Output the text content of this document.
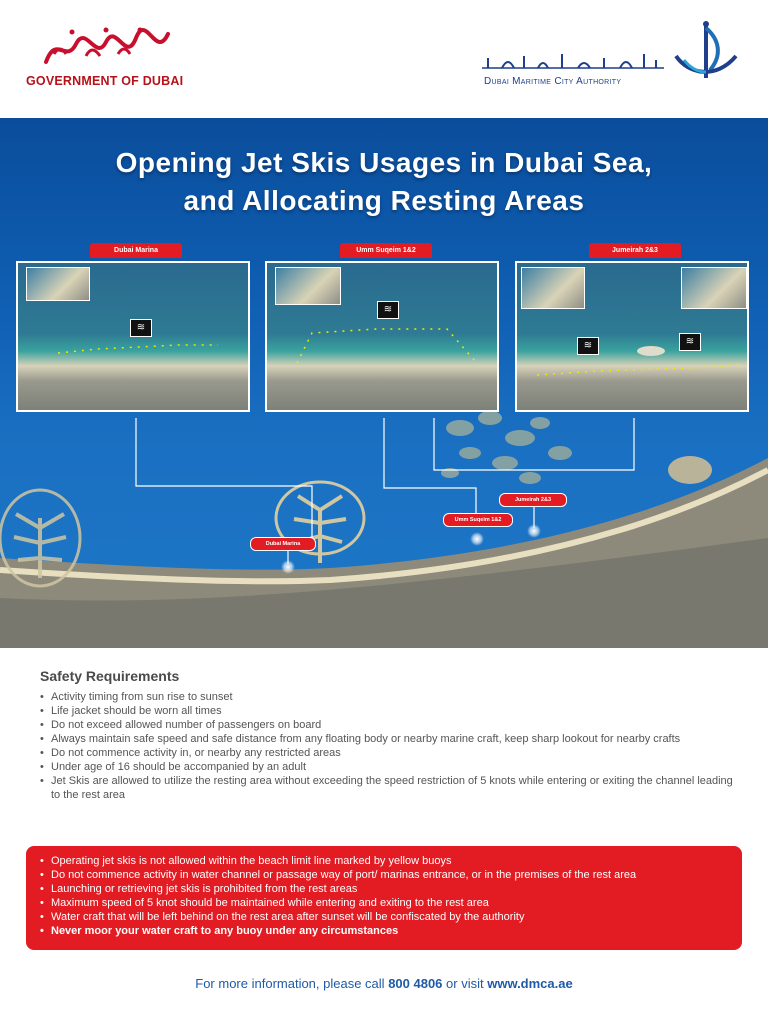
GOVERNMENT OF DUBAI	Dubai Maritime City Authority
Opening Jet Skis Usages in Dubai Sea,
and Allocating Resting Areas
Dubai Marina	Umm Suqeim 1&2	Jumeirah 2&3
≋
≋
≋	≋
Dubai Marina
Umm Suqeim 1&2
Jumeirah 2&3
Safety Requirements
• Activity timing from sun rise to sunset
• Life jacket should be worn all times
• Do not exceed allowed number of passengers on board
• Always maintain safe speed and safe distance from any floating body or nearby marine craft, keep sharp lookout for nearby crafts
• Do not commence activity in, or nearby any restricted areas
• Under age of 16 should be accompanied by an adult
• Jet Skis are allowed to utilize the resting area without exceeding the speed restriction of 5 knots while entering or exiting the channel leading to the rest area
• Operating jet skis is not allowed within the beach limit line marked by yellow buoys
• Do not commence activity in water channel or passage way of port/ marinas entrance, or in the premises of the rest area
• Launching or retrieving jet skis is prohibited from the rest areas
• Maximum speed of 5 knot should be maintained while entering and exiting to the rest area
• Water craft that will be left behind on the rest area after sunset will be confiscated by the authority
• Never moor your water craft to any buoy under any circumstances
For more information, please call 800 4806 or visit www.dmca.ae
